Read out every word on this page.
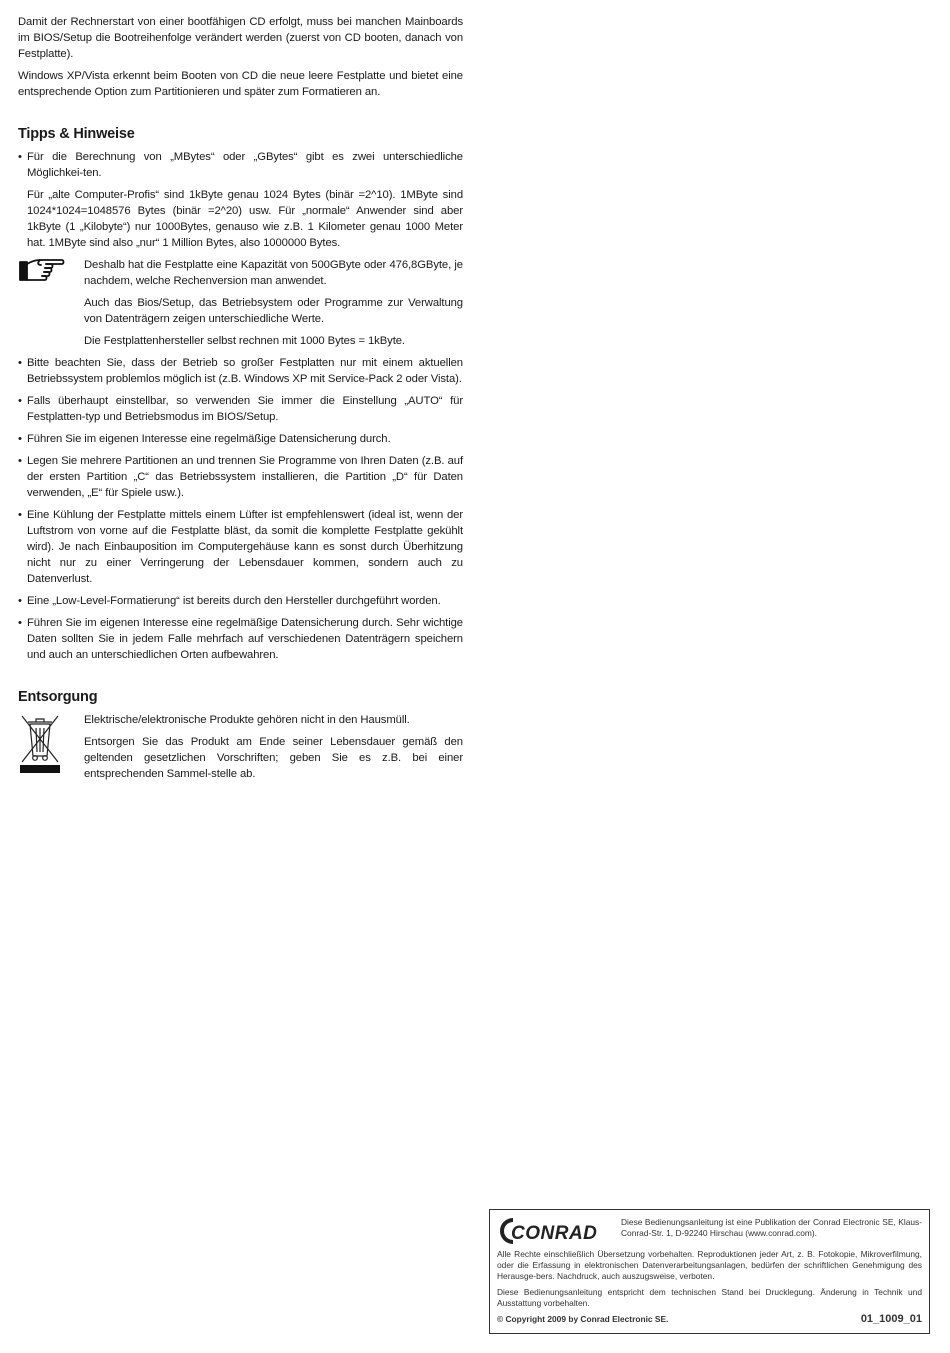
Damit der Rechnerstart von einer bootfähigen CD erfolgt, muss bei manchen Mainboards im BIOS/Setup die Bootreihenfolge verändert werden (zuerst von CD booten, danach von Festplatte).

Windows XP/Vista erkennt beim Booten von CD die neue leere Festplatte und bietet eine entsprechende Option zum Partitionieren und später zum Formatieren an.

Tipps & Hinweise

• Für die Berechnung von „MBytes“ oder „GBytes“ gibt es zwei unterschiedliche Möglichkei-ten.

Für „alte Computer-Profis“ sind 1kByte genau 1024 Bytes (binär =2^10). 1MByte sind 1024*1024=1048576 Bytes (binär =2^20) usw. Für „normale“ Anwender sind aber 1kByte (1 „Kilobyte“) nur 1000Bytes, genauso wie z.B. 1 Kilometer genau 1000 Meter hat. 1MByte sind also „nur“ 1 Million Bytes, also 1000000 Bytes.

Deshalb hat die Festplatte eine Kapazität von 500GByte oder 476,8GByte, je nachdem, welche Rechenversion man anwendet.

Auch das Bios/Setup, das Betriebsystem oder Programme zur Verwaltung von Datenträgern zeigen unterschiedliche Werte.

Die Festplattenhersteller selbst rechnen mit 1000 Bytes = 1kByte.

• Bitte beachten Sie, dass der Betrieb so großer Festplatten nur mit einem aktuellen Betriebssystem problemlos möglich ist (z.B. Windows XP mit Service-Pack 2 oder Vista).

• Falls überhaupt einstellbar, so verwenden Sie immer die Einstellung „AUTO“ für Festplatten-typ und Betriebsmodus im BIOS/Setup.

• Führen Sie im eigenen Interesse eine regelmäßige Datensicherung durch.

• Legen Sie mehrere Partitionen an und trennen Sie Programme von Ihren Daten (z.B. auf der ersten Partition „C“ das Betriebssystem installieren, die Partition „D“ für Daten verwenden, „E“ für Spiele usw.).

• Eine Kühlung der Festplatte mittels einem Lüfter ist empfehlenswert (ideal ist, wenn der Luftstrom von vorne auf die Festplatte bläst, da somit die komplette Festplatte gekühlt wird). Je nach Einbauposition im Computergehäuse kann es sonst durch Überhitzung nicht nur zu einer Verringerung der Lebensdauer kommen, sondern auch zu Datenverlust.

• Eine „Low-Level-Formatierung“ ist bereits durch den Hersteller durchgeführt worden.

• Führen Sie im eigenen Interesse eine regelmäßige Datensicherung durch. Sehr wichtige Daten sollten Sie in jedem Falle mehrfach auf verschiedenen Datenträgern speichern und auch an unterschiedlichen Orten aufbewahren.

Entsorgung

Elektrische/elektronische Produkte gehören nicht in den Hausmüll.

Entsorgen Sie das Produkt am Ende seiner Lebensdauer gemäß den geltenden gesetzlichen Vorschriften; geben Sie es z.B. bei einer entsprechenden Sammel-stelle ab.

CONRAD
Diese Bedienungsanleitung ist eine Publikation der Conrad Electronic SE, Klaus-Conrad-Str. 1, D-92240 Hirschau (www.conrad.com).

Alle Rechte einschließlich Übersetzung vorbehalten. Reproduktionen jeder Art, z. B. Fotokopie, Mikroverfilmung, oder die Erfassung in elektronischen Datenverarbeitungsanlagen, bedürfen der schriftlichen Genehmigung des Herausge-bers. Nachdruck, auch auszugsweise, verboten.

Diese Bedienungsanleitung entspricht dem technischen Stand bei Drucklegung. Änderung in Technik und Ausstattung vorbehalten.

© Copyright 2009 by Conrad Electronic SE.	01_1009_01
